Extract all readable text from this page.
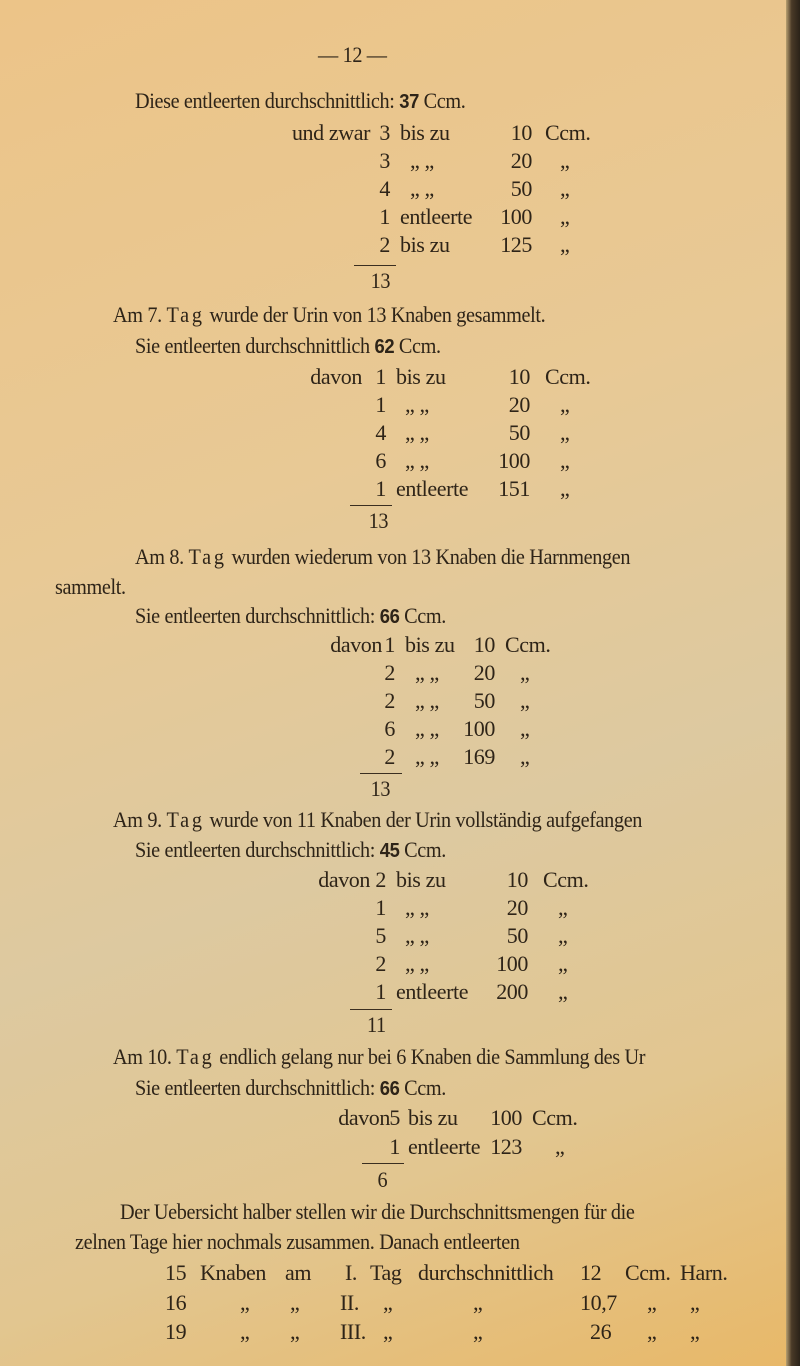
— 12 —
Diese entleerten durchschnittlich: 37 Ccm.
und zwar 3 bis zu	10 Ccm.
3 „ „	20 „
4 „ „	50 „
1 entleerte	100 „
2 bis zu	125 „
13
Am 7. Tag wurde der Urin von 13 Knaben gesammelt.
Sie entleerten durchschnittlich 62 Ccm.
davon 1 bis zu	10 Ccm.
1 „ „	20 „
4 „ „	50 „
6 „ „	100 „
1 entleerte	151 „
13
Am 8. Tag wurden wiederum von 13 Knaben die Harnmengen
sammelt.
Sie entleerten durchschnittlich: 66 Ccm.
davon 1 bis zu 10 Ccm.
2 „ „	20 „
2 „ „	50 „
6 „ „	100 „
2 „ „	169 „
13
Am 9. Tag wurde von 11 Knaben der Urin vollständig aufgefangen
Sie entleerten durchschnittlich: 45 Ccm.
davon 2 bis zu	10 Ccm.
1 „ „	20 „
5 „ „	50 „
2 „ „	100 „
1 entleerte	200 „
11
Am 10. Tag endlich gelang nur bei 6 Knaben die Sammlung des Ur
Sie entleerten durchschnittlich: 66 Ccm.
davon 5 bis zu	100 Ccm.
1 entleerte 123 „
6
Der Uebersicht halber stellen wir die Durchschnittsmengen für die
zelnen Tage hier nochmals zusammen. Danach entleerten
15 Knaben am I. Tag durchschnittlich 12 Ccm. Harn.
16 „ „ II. „	„	10,7 „ „
19 „ „ III. „	„	26 „ „
